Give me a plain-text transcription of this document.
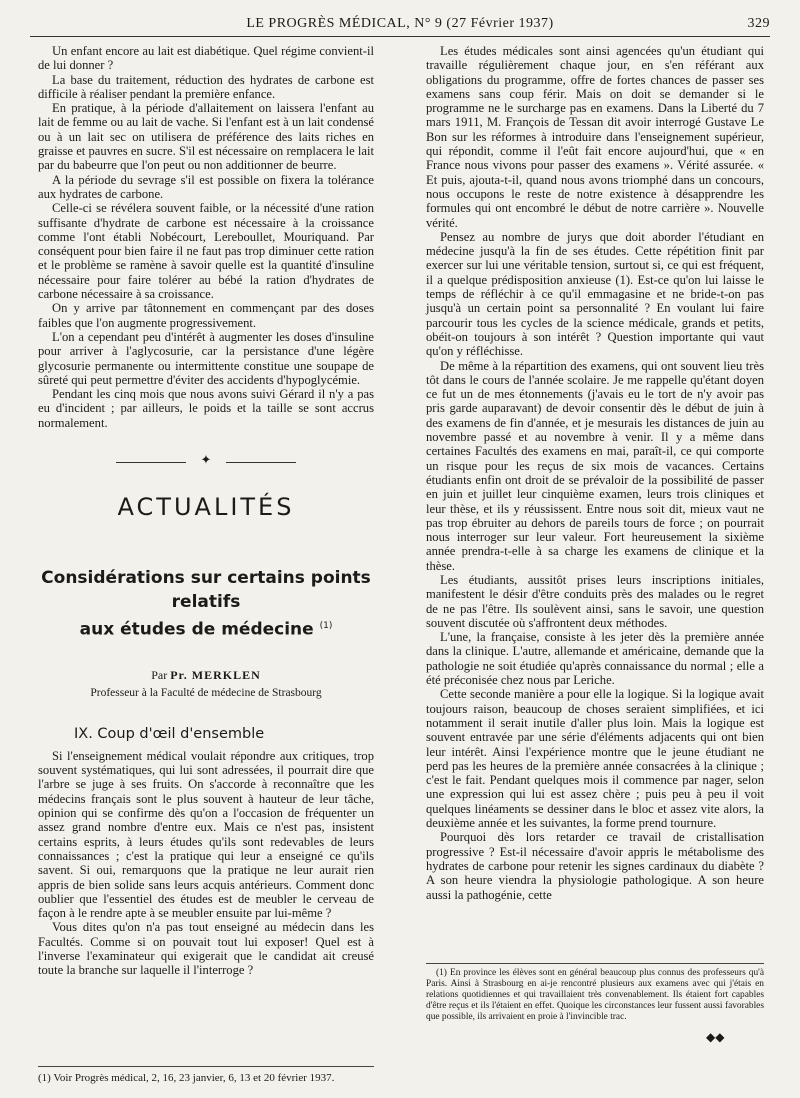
LE PROGRÈS MÉDICAL, N° 9 (27 Février 1937)	329

Un enfant encore au lait est diabétique. Quel régime convient-il de lui donner ?

La base du traitement, réduction des hydrates de carbone est difficile à réaliser pendant la première enfance.

En pratique, à la période d'allaitement on laissera l'enfant au lait de femme ou au lait de vache. Si l'enfant est à un lait condensé ou à un lait sec on utilisera de préférence des laits riches en graisse et pauvres en sucre. S'il est nécessaire on remplacera le lait par du babeurre que l'on peut ou non additionner de beurre.

A la période du sevrage s'il est possible on fixera la tolérance aux hydrates de carbone.

Celle-ci se révélera souvent faible, or la nécessité d'une ration suffisante d'hydrate de carbone est nécessaire à la croissance comme l'ont établi Nobécourt, Lereboullet, Mouriquand. Par conséquent pour bien faire il ne faut pas trop diminuer cette ration et le problème se ramène à savoir quelle est la quantité d'insuline nécessaire pour faire tolérer au bébé la ration d'hydrates de carbone nécessaire à sa croissance.

On y arrive par tâtonnement en commençant par des doses faibles que l'on augmente progressivement.

L'on a cependant peu d'intérêt à augmenter les doses d'insuline pour arriver à l'aglycosurie, car la persistance d'une légère glycosurie permanente ou intermittente constitue une soupape de sûreté qui peut permettre d'éviter des accidents d'hypoglycémie.

Pendant les cinq mois que nous avons suivi Gérard il n'y a pas eu d'incident ; par ailleurs, le poids et la taille se sont accrus normalement.

✦
ACTUALITÉS
Considérations sur certains points relatifs
aux études de médecine $^{(1)}$
Par Pr. MERKLEN
Professeur à la Faculté de médecine de Strasbourg
IX. Coup d'œil d'ensemble

Si l'enseignement médical voulait répondre aux critiques, trop souvent systématiques, qui lui sont adressées, il pourrait dire que l'arbre se juge à ses fruits. On s'accorde à reconnaître que les médecins français sont le plus souvent à hauteur de leur tâche, opinion qui se confirme dès qu'on a l'occasion de fréquenter un assez grand nombre d'entre eux. Mais ce n'est pas, insistent certains esprits, à leurs études qu'ils sont redevables de leurs connaissances ; c'est la pratique qui leur a enseigné ce qu'ils savent. Si oui, remarquons que la pratique ne leur aurait rien appris de bien solide sans leurs acquis antérieurs. Comment donc oublier que l'essentiel des études est de meubler le cerveau de façon à le rendre apte à se meubler ensuite par lui-même ?

Vous dites qu'on n'a pas tout enseigné au médecin dans les Facultés. Comme si on pouvait tout lui exposer! Quel est à l'inverse l'examinateur qui exigerait que le candidat ait creusé toute la branche sur laquelle il l'interroge ?

(1) Voir Progrès médical, 2, 16, 23 janvier, 6, 13 et 20 février 1937.

Les études médicales sont ainsi agencées qu'un étudiant qui travaille régulièrement chaque jour, en s'en référant aux obligations du programme, offre de fortes chances de passer ses examens sans coup férir. Mais on doit se demander si le programme ne le surcharge pas en examens. Dans la Liberté du 7 mars 1911, M. François de Tessan dit avoir interrogé Gustave Le Bon sur les réformes à introduire dans l'enseignement supérieur, qui répondit, comme il l'eût fait encore aujourd'hui, que « en France nous vivons pour passer des examens ». Vérité assurée. « Et puis, ajouta-t-il, quand nous avons triomphé dans un concours, nous occupons le reste de notre existence à désapprendre les formules qui ont encombré le début de notre carrière ». Nouvelle vérité.

Pensez au nombre de jurys que doit aborder l'étudiant en médecine jusqu'à la fin de ses études. Cette répétition finit par exercer sur lui une véritable tension, surtout si, ce qui est fréquent, il a quelque prédisposition anxieuse (1). Est-ce qu'on lui laisse le temps de réfléchir à ce qu'il emmagasine et ne bride-t-on pas jusqu'à un certain point sa personnalité ? En voulant lui faire parcourir tous les cycles de la science médicale, grands et petits, obéit-on toujours à son intérêt ? Question importante qui vaut qu'on y réfléchisse.

De même à la répartition des examens, qui ont souvent lieu très tôt dans le cours de l'année scolaire. Je me rappelle qu'étant doyen ce fut un de mes étonnements (j'avais eu le tort de n'y avoir pas pris garde auparavant) de devoir consentir dès le début de juin à des examens de fin d'année, et je mesurais les distances de juin au novembre passé et au novembre à venir. Il y a même dans certaines Facultés des examens en mai, paraît-il, ce qui comporte un risque pour les reçus de six mois de vacances. Certains étudiants enfin ont droit de se prévaloir de la possibilité de passer en juin et juillet leur cinquième examen, leurs trois cliniques et leur thèse, et ils y réussissent. Entre nous soit dit, mieux vaut ne pas trop ébruiter au dehors de pareils tours de force ; on pourrait nous interroger sur leur valeur. Fort heureusement la sixième année prendra-t-elle à sa charge les examens de clinique et la thèse.

Les étudiants, aussitôt prises leurs inscriptions initiales, manifestent le désir d'être conduits près des malades ou le regret de ne pas l'être. Ils soulèvent ainsi, sans le savoir, une question souvent discutée où s'affrontent deux méthodes.

L'une, la française, consiste à les jeter dès la première année dans la clinique. L'autre, allemande et américaine, demande que la pathologie ne soit étudiée qu'après connaissance du normal ; elle a été préconisée chez nous par Leriche.

Cette seconde manière a pour elle la logique. Si la logique avait toujours raison, beaucoup de choses seraient simplifiées, et ici notamment il serait inutile d'aller plus loin. Mais la logique est souvent entravée par une série d'éléments adjacents qui ont bien leur intérêt. Ainsi l'expérience montre que le jeune étudiant ne perd pas les heures de la première année consacrées à la clinique ; c'est le fait. Pendant quelques mois il commence par nager, selon une expression qui lui est assez chère ; puis peu à peu il voit quelques linéaments se dessiner dans le bloc et assez vite alors, la deuxième année et les suivantes, la forme prend tournure.

Pourquoi dès lors retarder ce travail de cristallisation progressive ? Est-il nécessaire d'avoir appris le métabolisme des hydrates de carbone pour retenir les signes cardinaux du diabète ? A son heure viendra la physiologie pathologique. A son heure aussi la pathogénie, cette

(1) En province les élèves sont en général beaucoup plus connus des professeurs qu'à Paris. Ainsi à Strasbourg en ai-je rencontré plusieurs aux examens avec qui j'étais en relations quotidiennes et qui travaillaient très convenablement. Ils étaient fort capables d'être reçus et ils l'étaient en effet. Quoique les circonstances leur fussent aussi favorables que possible, ils arrivaient en proie à l'invincible trac.

◆◆
